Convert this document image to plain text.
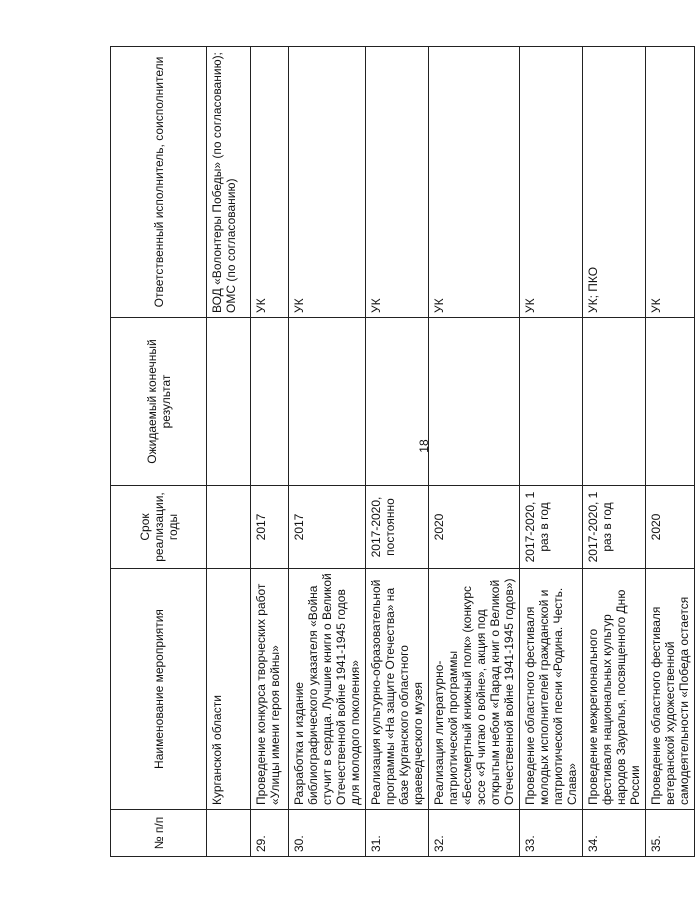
18
№ п/п	Наименование мероприятия	Срок реализации, годы	Ожидаемый конечный результат	Ответственный исполнитель, соисполнители
	Курганской области			ВОД «Волонтеры Победы» (по согласованию); ОМС (по согласованию)

29.	Проведение конкурса творческих работ «Улицы имени героя войны»	2017		УК
30.	Разработка и издание библиографического указателя «Война стучит в сердца. Лучшие книги о Великой Отечественной войне 1941-1945 годов для молодого поколения»	2017		УК
31.	Реализация культурно-образовательной программы «На защите Отечества» на базе Курганского областного краеведческого музея	2017-2020, постоянно		УК
32.	Реализация литературно-патриотической программы «Бессмертный книжный полк» (конкурс эссе «Я читаю о войне», акция под открытым небом «Парад книг о Великой Отечественной войне 1941-1945 годов»)	2020		УК
33.	Проведение областного фестиваля молодых исполнителей гражданской и патриотической песни «Родина. Честь. Слава»	2017-2020, 1 раз в год		УК
34.	Проведение межрегионального фестиваля национальных культур народов Зауралья, посвященного Дню России	2017-2020, 1 раз в год		УК; ПКО
35.	Проведение областного фестиваля ветеранской художественной самодеятельности «Победа остается	2020		УК
